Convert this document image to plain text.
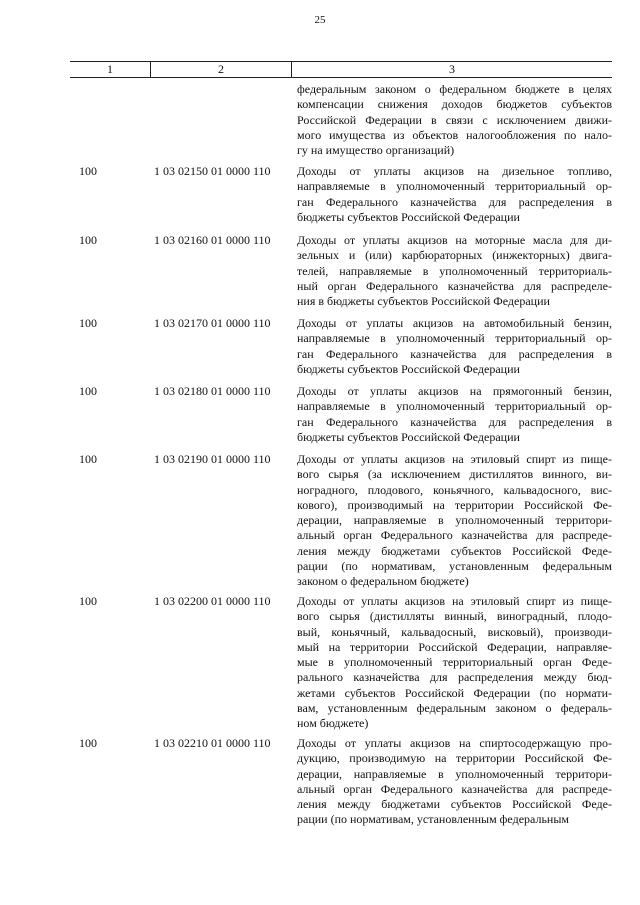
25
1	2	3
федеральным законом о федеральном бюджете в целях
компенсации снижения доходов бюджетов субъектов
Российской Федерации в связи с исключением движи-
мого имущества из объектов налогообложения по нало-
гу на имущество организаций)
100	1 03 02150 01 0000 110 Доходы от уплаты акцизов на дизельное топливо,
направляемые в уполномоченный территориальный ор-
ган Федерального казначейства для распределения в
бюджеты субъектов Российской Федерации
100	1 03 02160 01 0000 110 Доходы от уплаты акцизов на моторные масла для ди-
зельных и (или) карбюраторных (инжекторных) двига-
телей, направляемые в уполномоченный территориаль-
ный орган Федерального казначейства для распределе-
ния в бюджеты субъектов Российской Федерации
100	1 03 02170 01 0000 110 Доходы от уплаты акцизов на автомобильный бензин,
направляемые в уполномоченный территориальный ор-
ган Федерального казначейства для распределения в
бюджеты субъектов Российской Федерации
100	1 03 02180 01 0000 110 Доходы от уплаты акцизов на прямогонный бензин,
направляемые в уполномоченный территориальный ор-
ган Федерального казначейства для распределения в
бюджеты субъектов Российской Федерации
100	1 03 02190 01 0000 110 Доходы от уплаты акцизов на этиловый спирт из пище-
вого сырья (за исключением дистиллятов винного, ви-
ноградного, плодового, коньячного, кальвадосного, вис-
кового), производимый на территории Российской Фе-
дерации, направляемые в уполномоченный территори-
альный орган Федерального казначейства для распреде-
ления между бюджетами субъектов Российской Феде-
рации (по нормативам, установленным федеральным
законом о федеральном бюджете)
100	1 03 02200 01 0000 110 Доходы от уплаты акцизов на этиловый спирт из пище-
вого сырья (дистилляты винный, виноградный, плодо-
вый, коньячный, кальвадосный, висковый), производи-
мый на территории Российской Федерации, направляе-
мые в уполномоченный территориальный орган Феде-
рального казначейства для распределения между бюд-
жетами субъектов Российской Федерации (по нормати-
вам, установленным федеральным законом о федераль-
ном бюджете)
100	1 03 02210 01 0000 110 Доходы от уплаты акцизов на спиртосодержащую про-
дукцию, производимую на территории Российской Фе-
дерации, направляемые в уполномоченный территори-
альный орган Федерального казначейства для распреде-
ления между бюджетами субъектов Российской Феде-
рации (по нормативам, установленным федеральным
